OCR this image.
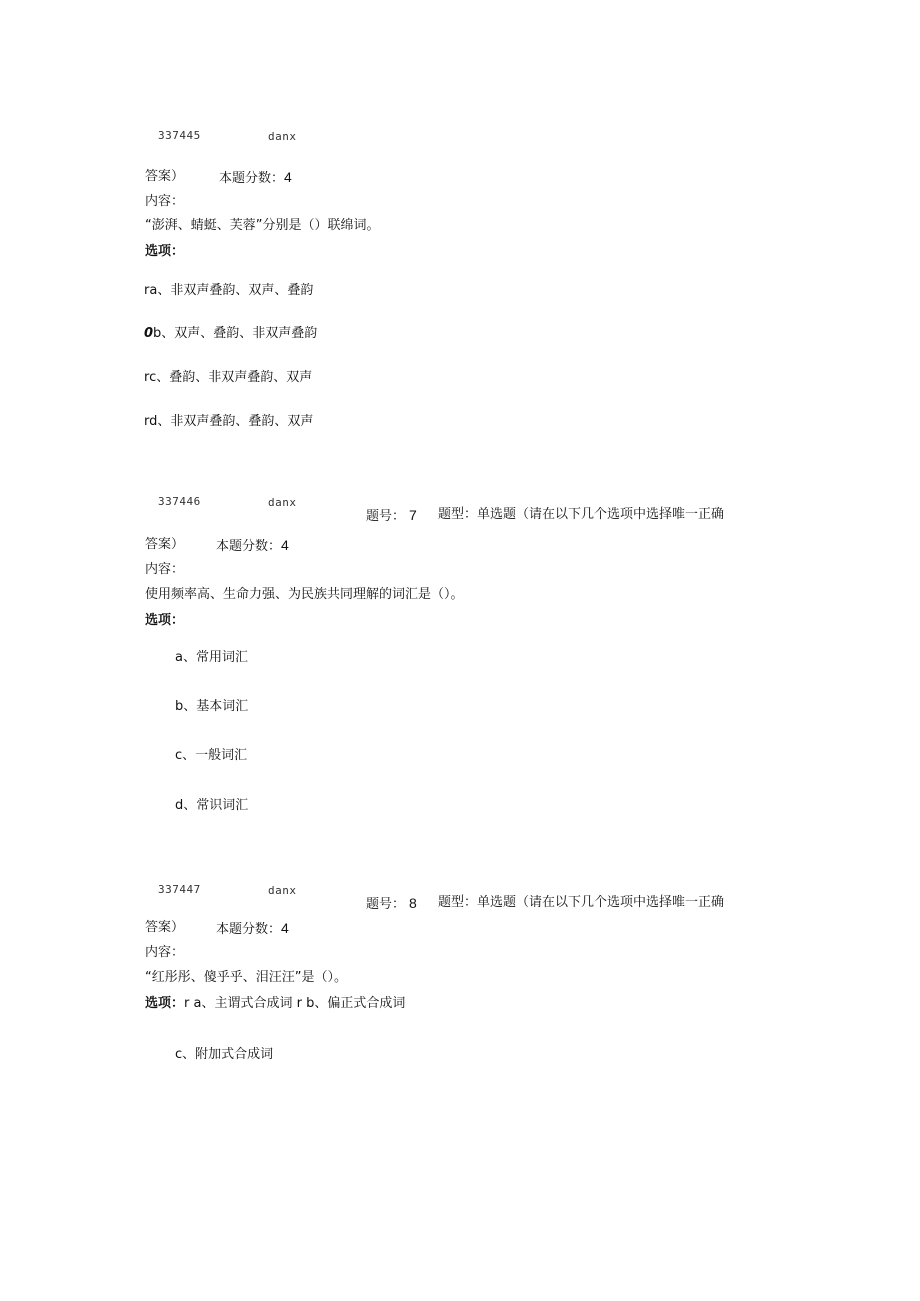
337445	danx
答案）	本题分数：4
内容：
“澎湃、蜻蜓、芙蓉”分别是（）联绵词。
选项：
ra、非双声叠韵、双声、叠韵
0b、双声、叠韵、非双声叠韵
rc、叠韵、非双声叠韵、双声
rd、非双声叠韵、叠韵、双声
337446	danx
题号： 7 题型：单选题（请在以下几个选项中选择唯一正确
答案） 本题分数：4
内容：
使用频率高、生命力强、为民族共同理解的词汇是（）。
选项：
a、常用词汇
b、基本词汇
c、一般词汇
d、常识词汇
337447	danx
题号： 8 题型：单选题（请在以下几个选项中选择唯一正确
答案） 本题分数：4
内容：
“红彤彤、傻乎乎、泪汪汪”是（）。
选项：r a、主谓式合成词 r b、偏正式合成词
c、附加式合成词
